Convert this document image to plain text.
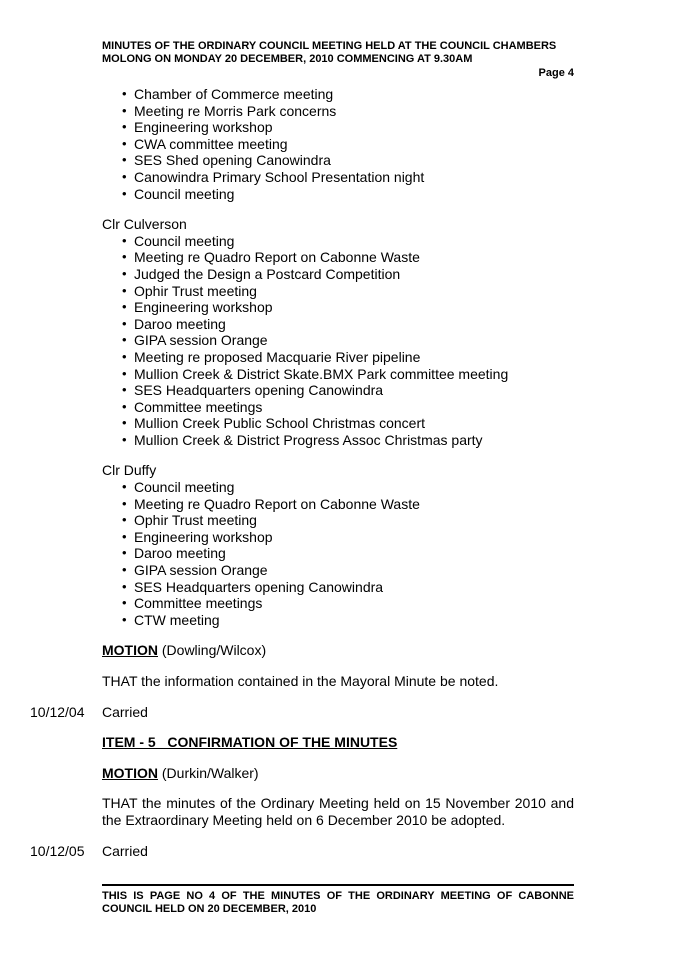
MINUTES OF THE ORDINARY COUNCIL MEETING HELD AT THE COUNCIL CHAMBERS
MOLONG ON MONDAY 20 DECEMBER, 2010 COMMENCING AT 9.30AM
Page 4
• Chamber of Commerce meeting
• Meeting re Morris Park concerns
• Engineering workshop
• CWA committee meeting
• SES Shed opening Canowindra
• Canowindra Primary School Presentation night
• Council meeting
Clr Culverson
• Council meeting
• Meeting re Quadro Report on Cabonne Waste
• Judged the Design a Postcard Competition
• Ophir Trust meeting
• Engineering workshop
• Daroo meeting
• GIPA session Orange
• Meeting re proposed Macquarie River pipeline
• Mullion Creek & District Skate.BMX Park committee meeting
• SES Headquarters opening Canowindra
• Committee meetings
• Mullion Creek Public School Christmas concert
• Mullion Creek & District Progress Assoc Christmas party
Clr Duffy
• Council meeting
• Meeting re Quadro Report on Cabonne Waste
• Ophir Trust meeting
• Engineering workshop
• Daroo meeting
• GIPA session Orange
• SES Headquarters opening Canowindra
• Committee meetings
• CTW meeting
MOTION (Dowling/Wilcox)
THAT the information contained in the Mayoral Minute be noted.
10/12/04 Carried
ITEM - 5   CONFIRMATION OF THE MINUTES
MOTION (Durkin/Walker)
THAT the minutes of the Ordinary Meeting held on 15 November 2010 and the Extraordinary Meeting held on 6 December 2010 be adopted.
10/12/05 Carried
THIS IS PAGE NO 4 OF THE MINUTES OF THE ORDINARY MEETING OF CABONNE COUNCIL HELD ON 20 DECEMBER, 2010
